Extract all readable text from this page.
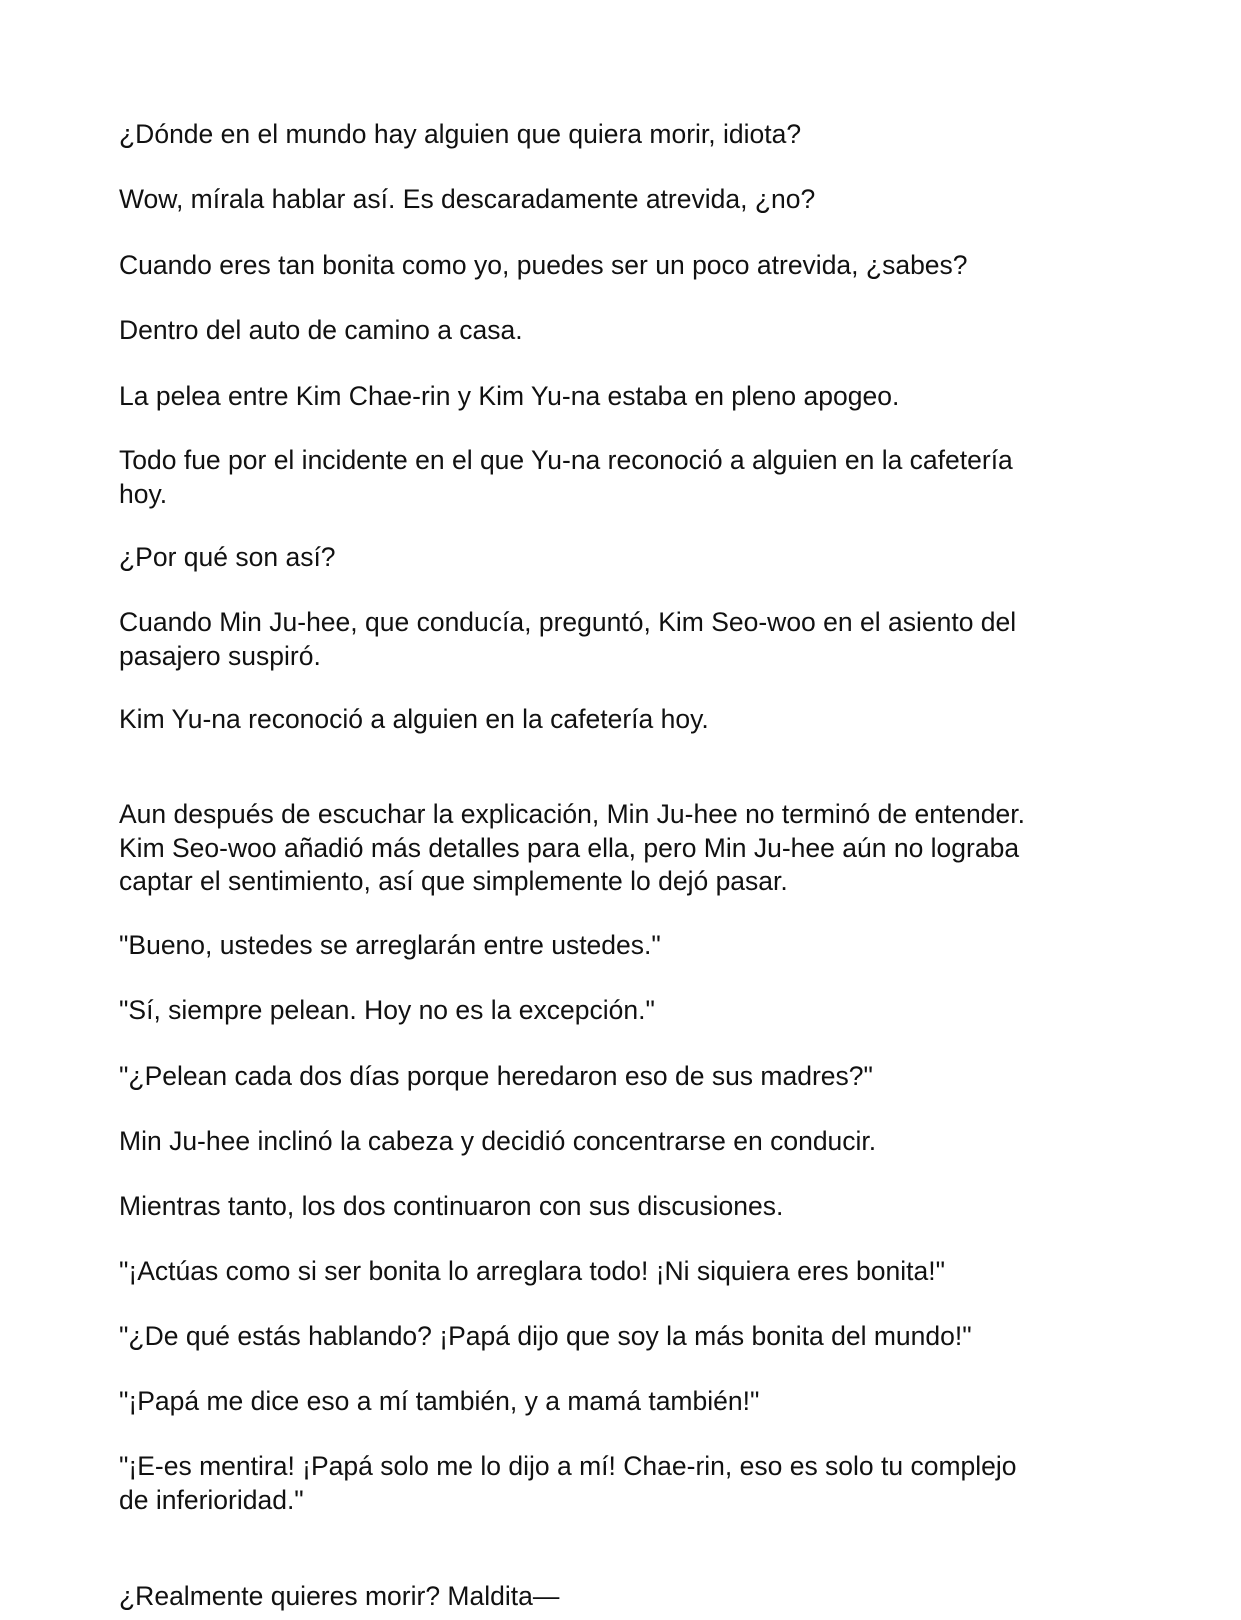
¿Dónde en el mundo hay alguien que quiera morir, idiota?

Wow, mírala hablar así. Es descaradamente atrevida, ¿no?

Cuando eres tan bonita como yo, puedes ser un poco atrevida, ¿sabes?

Dentro del auto de camino a casa.

La pelea entre Kim Chae-rin y Kim Yu-na estaba en pleno apogeo.

Todo fue por el incidente en el que Yu-na reconoció a alguien en la cafetería
hoy.

¿Por qué son así?

Cuando Min Ju-hee, que conducía, preguntó, Kim Seo-woo en el asiento del
pasajero suspiró.

Kim Yu-na reconoció a alguien en la cafetería hoy.

Aun después de escuchar la explicación, Min Ju-hee no terminó de entender.
Kim Seo-woo añadió más detalles para ella, pero Min Ju-hee aún no lograba
captar el sentimiento, así que simplemente lo dejó pasar.

"Bueno, ustedes se arreglarán entre ustedes."

"Sí, siempre pelean. Hoy no es la excepción."

"¿Pelean cada dos días porque heredaron eso de sus madres?"

Min Ju-hee inclinó la cabeza y decidió concentrarse en conducir.

Mientras tanto, los dos continuaron con sus discusiones.

"¡Actúas como si ser bonita lo arreglara todo! ¡Ni siquiera eres bonita!"

"¿De qué estás hablando? ¡Papá dijo que soy la más bonita del mundo!"

"¡Papá me dice eso a mí también, y a mamá también!"

"¡E-es mentira! ¡Papá solo me lo dijo a mí! Chae-rin, eso es solo tu complejo
de inferioridad."

¿Realmente quieres morir? Maldita—
